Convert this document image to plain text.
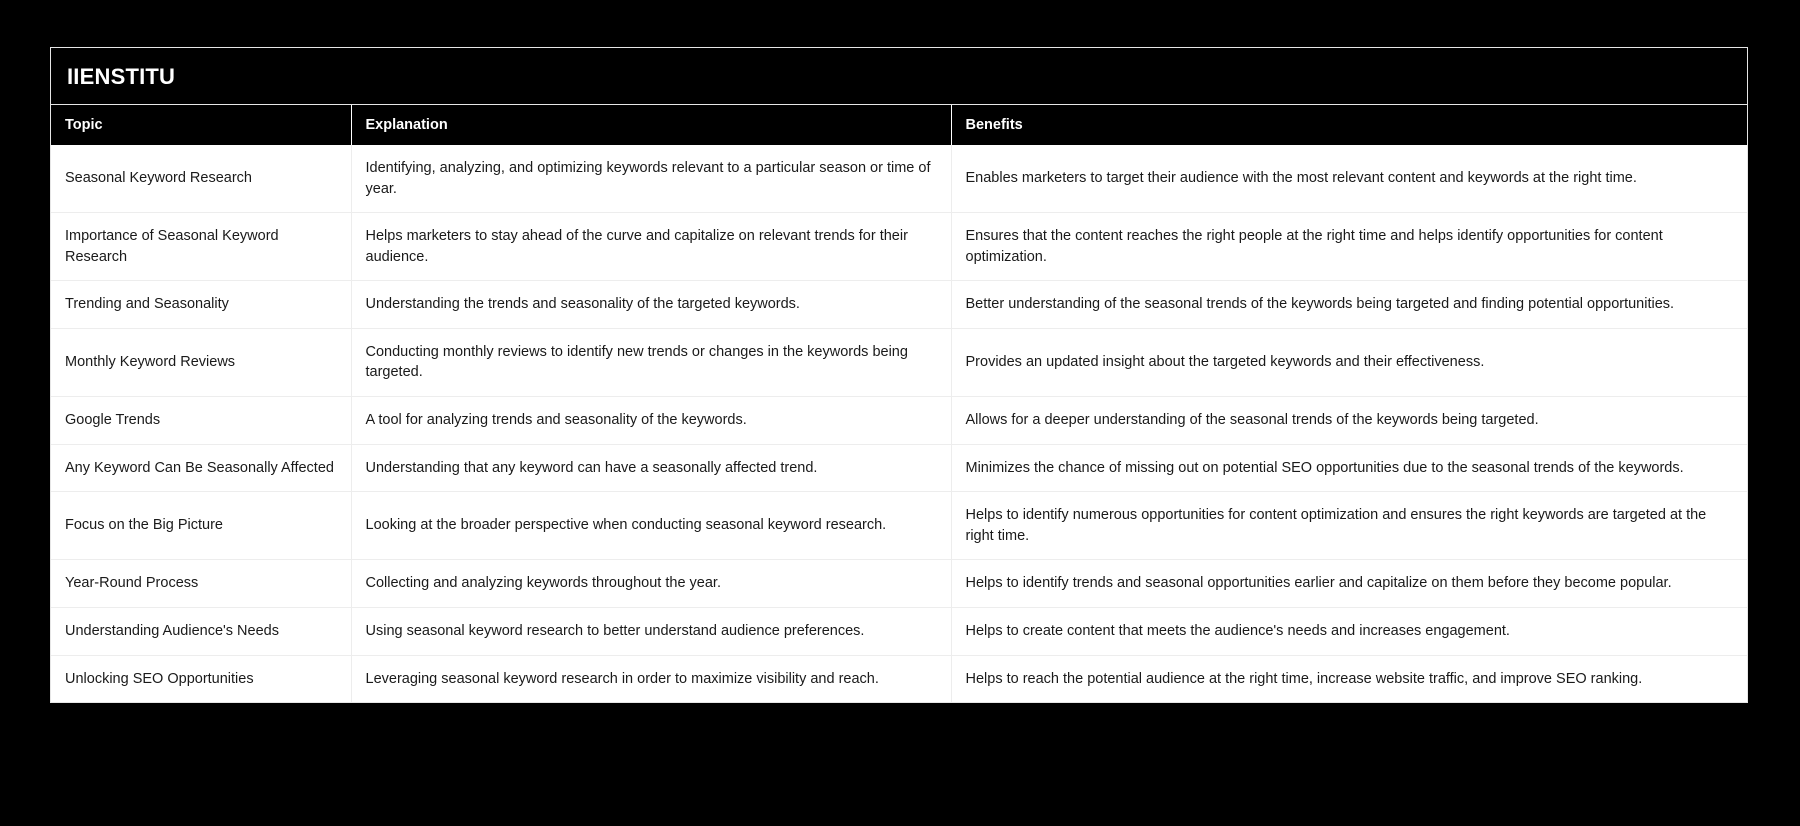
IIENSTITU
Topic	Explanation	Benefits
Seasonal Keyword Research	Identifying, analyzing, and optimizing keywords relevant to a particular season or time of year.	Enables marketers to target their audience with the most relevant content and keywords at the right time.
Importance of Seasonal Keyword Research	Helps marketers to stay ahead of the curve and capitalize on relevant trends for their audience.	Ensures that the content reaches the right people at the right time and helps identify opportunities for content optimization.
Trending and Seasonality	Understanding the trends and seasonality of the targeted keywords.	Better understanding of the seasonal trends of the keywords being targeted and finding potential opportunities.
Monthly Keyword Reviews	Conducting monthly reviews to identify new trends or changes in the keywords being targeted.	Provides an updated insight about the targeted keywords and their effectiveness.
Google Trends	A tool for analyzing trends and seasonality of the keywords.	Allows for a deeper understanding of the seasonal trends of the keywords being targeted.
Any Keyword Can Be Seasonally Affected	Understanding that any keyword can have a seasonally affected trend.	Minimizes the chance of missing out on potential SEO opportunities due to the seasonal trends of the keywords.
Focus on the Big Picture	Looking at the broader perspective when conducting seasonal keyword research.	Helps to identify numerous opportunities for content optimization and ensures the right keywords are targeted at the right time.
Year-Round Process	Collecting and analyzing keywords throughout the year.	Helps to identify trends and seasonal opportunities earlier and capitalize on them before they become popular.
Understanding Audience's Needs	Using seasonal keyword research to better understand audience preferences.	Helps to create content that meets the audience's needs and increases engagement.
Unlocking SEO Opportunities	Leveraging seasonal keyword research in order to maximize visibility and reach.	Helps to reach the potential audience at the right time, increase website traffic, and improve SEO ranking.
